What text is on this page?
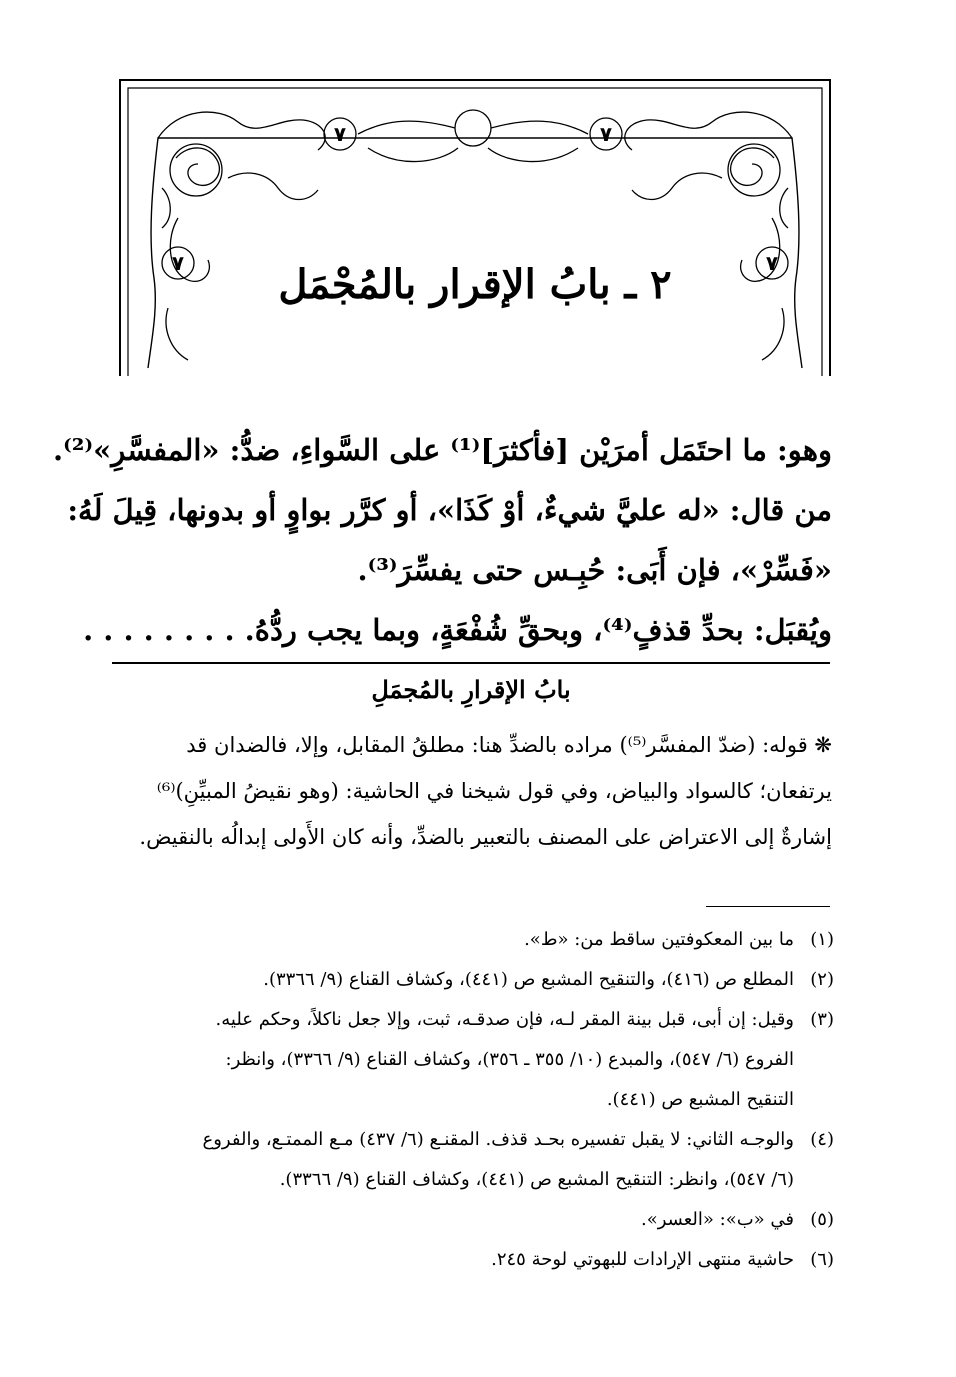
٧	٧
٧	٧
٢ ـ بابُ الإقرار بالمُجْمَل

وهو: ما احتَمَل أمرَيْن [فأكثرَ]⁽¹⁾ على السَّواءِ، ضدُّ: «المفسَّرِ»⁽²⁾.

من قال: «له عليَّ شيءٌ، أوْ كَذَا»، أو كرَّر بواوٍ أو بدونها، قِيلَ لَهُ:

«فَسِّرْ»، فإن أَبَى: حُبِـس حتى يفسِّرَ⁽³⁾.

ويُقبَل: بحدِّ قذفٍ⁽⁴⁾، وبحقِّ شُفْعَةٍ، وبما يجب ردُّهُ. . . . . . . . .

بابُ الإقرارِ بالمُجمَلِ

❋ قوله: (ضدّ المفسَّر⁽⁵⁾) مراده بالضدِّ هنا: مطلقُ المقابل، وإلا، فالضدان قد

يرتفعان؛ كالسواد والبياض، وفي قول شيخنا في الحاشية: (وهو نقيضُ المبيِّنِ)⁽⁶⁾

إشارةٌ إلى الاعتراض على المصنف بالتعبير بالضدِّ، وأنه كان الأَولى إبدالُه بالنقيض.

(١)
ما بين المعكوفتين ساقط من: «ط».
(٢)
المطلع ص (٤١٦)، والتنقيح المشبع ص (٤٤١)، وكشاف القناع (٩/ ٣٣٦٦).
(٣)
وقيل: إن أبى، قبل بينة المقر لـه، فإن صدقـه، ثبت، وإلا جعل ناكلاً، وحكم عليه.
الفروع (٦/ ٥٤٧)، والمبدع (١٠/ ٣٥٥ ـ ٣٥٦)، وكشاف القناع (٩/ ٣٣٦٦)، وانظر:
التنقيح المشبع ص (٤٤١).
(٤)
والوجـه الثاني: لا يقبل تفسيره بحـد قذف. المقنـع (٦/ ٤٣٧) مـع الممتـع، والفروع
(٦/ ٥٤٧)، وانظر: التنقيح المشبع ص (٤٤١)، وكشاف القناع (٩/ ٣٣٦٦).
(٥)
في «ب»: «العسر».
(٦)
حاشية منتهى الإرادات للبهوتي لوحة ٢٤٥.
